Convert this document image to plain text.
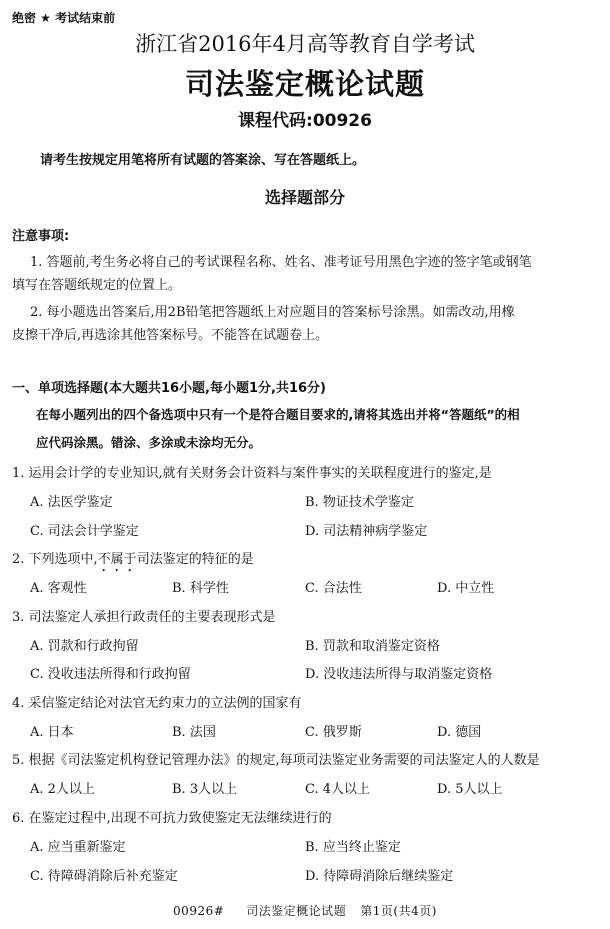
绝密 ★ 考试结束前
浙江省2016年4月高等教育自学考试
司法鉴定概论试题
课程代码:00926
请考生按规定用笔将所有试题的答案涂、写在答题纸上。
选择题部分
注意事项:
1. 答题前,考生务必将自己的考试课程名称、姓名、准考证号用黑色字迹的签字笔或钢笔
填写在答题纸规定的位置上。
2. 每小题选出答案后,用2B铅笔把答题纸上对应题目的答案标号涂黑。如需改动,用橡
皮擦干净后,再选涂其他答案标号。不能答在试题卷上。
一、单项选择题(本大题共16小题,每小题1分,共16分)
在每小题列出的四个备选项中只有一个是符合题目要求的,请将其选出并将“答题纸”的相
应代码涂黑。错涂、多涂或未涂均无分。
1. 运用会计学的专业知识,就有关财务会计资料与案件事实的关联程度进行的鉴定,是
A. 法医学鉴定	B. 物证技术学鉴定
C. 司法会计学鉴定	D. 司法精神病学鉴定
2. 下列选项中,不属于司法鉴定的特征的是
A. 客观性	B. 科学性	C. 合法性	D. 中立性
3. 司法鉴定人承担行政责任的主要表现形式是
A. 罚款和行政拘留	B. 罚款和取消鉴定资格
C. 没收违法所得和行政拘留	D. 没收违法所得与取消鉴定资格
4. 采信鉴定结论对法官无约束力的立法例的国家有
A. 日本	B. 法国	C. 俄罗斯	D. 德国
5. 根据《司法鉴定机构登记管理办法》的规定,每项司法鉴定业务需要的司法鉴定人的人数是
A. 2人以上	B. 3人以上	C. 4人以上	D. 5人以上
6. 在鉴定过程中,出现不可抗力致使鉴定无法继续进行的
A. 应当重新鉴定	B. 应当终止鉴定
C. 待障碍消除后补充鉴定	D. 待障碍消除后继续鉴定
00926# 司法鉴定概论试题 第1页(共4页)
